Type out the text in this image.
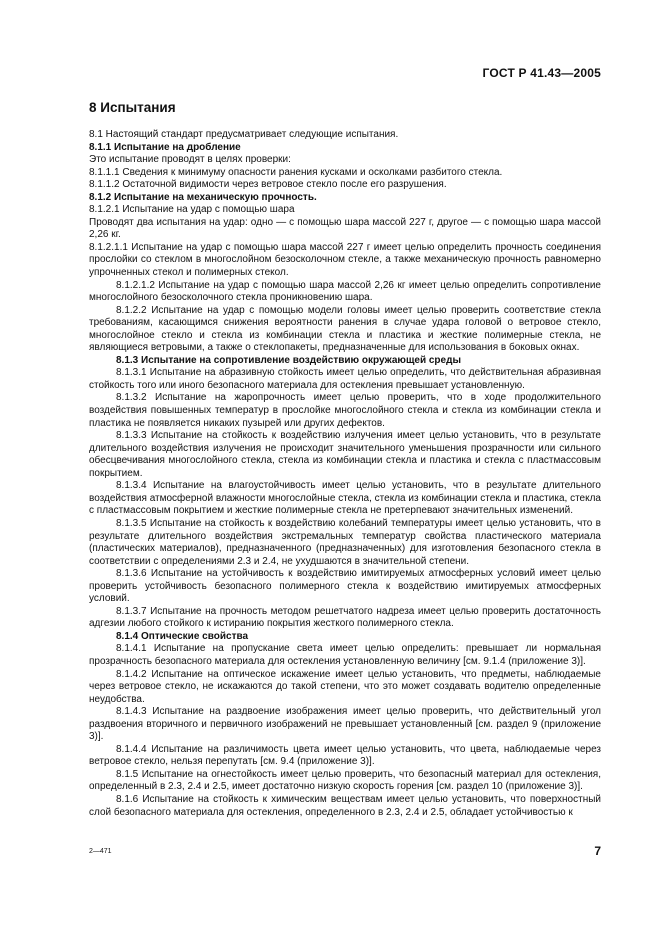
ГОСТ Р 41.43—2005
8 Испытания

8.1 Настоящий стандарт предусматривает следующие испытания.

8.1.1 Испытание на дробление

Это испытание проводят в целях проверки:

8.1.1.1 Сведения к минимуму опасности ранения кусками и осколками разбитого стекла.

8.1.1.2 Остаточной видимости через ветровое стекло после его разрушения.

8.1.2 Испытание на механическую прочность.

8.1.2.1 Испытание на удар с помощью шара

Проводят два испытания на удар: одно — с помощью шара массой 227 г, другое — с помощью шара массой 2,26 кг.

8.1.2.1.1 Испытание на удар с помощью шара массой 227 г имеет целью определить прочность соединения прослойки со стеклом в многослойном безосколочном стекле, а также механическую прочность равномерно упрочненных стекол и полимерных стекол.

8.1.2.1.2 Испытание на удар с помощью шара массой 2,26 кг имеет целью определить сопротивление многослойного безосколочного стекла проникновению шара.

8.1.2.2 Испытание на удар с помощью модели головы имеет целью проверить соответствие стекла требованиям, касающимся снижения вероятности ранения в случае удара головой о ветровое стекло, многослойное стекло и стекла из комбинации стекла и пластика и жесткие полимерные стекла, не являющиеся ветровыми, а также о стеклопакеты, предназначенные для использования в боковых окнах.

8.1.3 Испытание на сопротивление воздействию окружающей среды

8.1.3.1 Испытание на абразивную стойкость имеет целью определить, что действительная абразивная стойкость того или иного безопасного материала для остекления превышает установленную.

8.1.3.2 Испытание на жаропрочность имеет целью проверить, что в ходе продолжительного воздействия повышенных температур в прослойке многослойного стекла и стекла из комбинации стекла и пластика не появляется никаких пузырей или других дефектов.

8.1.3.3 Испытание на стойкость к воздействию излучения имеет целью установить, что в результате длительного воздействия излучения не происходит значительного уменьшения прозрачности или сильного обесцвечивания многослойного стекла, стекла из комбинации стекла и пластика и стекла с пластмассовым покрытием.

8.1.3.4 Испытание на влагоустойчивость имеет целью установить, что в результате длительного воздействия атмосферной влажности многослойные стекла, стекла из комбинации стекла и пластика, стекла с пластмассовым покрытием и жесткие полимерные стекла не претерпевают значительных изменений.

8.1.3.5 Испытание на стойкость к воздействию колебаний температуры имеет целью установить, что в результате длительного воздействия экстремальных температур свойства пластического материала (пластических материалов), предназначенного (предназначенных) для изготовления безопасного стекла в соответствии с определениями 2.3 и 2.4, не ухудшаются в значительной степени.

8.1.3.6 Испытание на устойчивость к воздействию имитируемых атмосферных условий имеет целью проверить устойчивость безопасного полимерного стекла к воздействию имитируемых атмосферных условий.

8.1.3.7 Испытание на прочность методом решетчатого надреза имеет целью проверить достаточность адгезии любого стойкого к истиранию покрытия жесткого полимерного стекла.

8.1.4 Оптические свойства

8.1.4.1 Испытание на пропускание света имеет целью определить: превышает ли нормальная прозрачность безопасного материала для остекления установленную величину [см. 9.1.4 (приложение 3)].

8.1.4.2 Испытание на оптическое искажение имеет целью установить, что предметы, наблюдаемые через ветровое стекло, не искажаются до такой степени, что это может создавать водителю определенные неудобства.

8.1.4.3 Испытание на раздвоение изображения имеет целью проверить, что действительный угол раздвоения вторичного и первичного изображений не превышает установленный [см. раздел 9 (приложение 3)].

8.1.4.4 Испытание на различимость цвета имеет целью установить, что цвета, наблюдаемые через ветровое стекло, нельзя перепутать [см. 9.4 (приложение 3)].

8.1.5 Испытание на огнестойкость имеет целью проверить, что безопасный материал для остекления, определенный в 2.3, 2.4 и 2.5, имеет достаточно низкую скорость горения [см. раздел 10 (приложение 3)].

8.1.6 Испытание на стойкость к химическим веществам имеет целью установить, что поверхностный слой безопасного материала для остекления, определенного в 2.3, 2.4 и 2.5, обладает устойчивостью к

2—471	7
